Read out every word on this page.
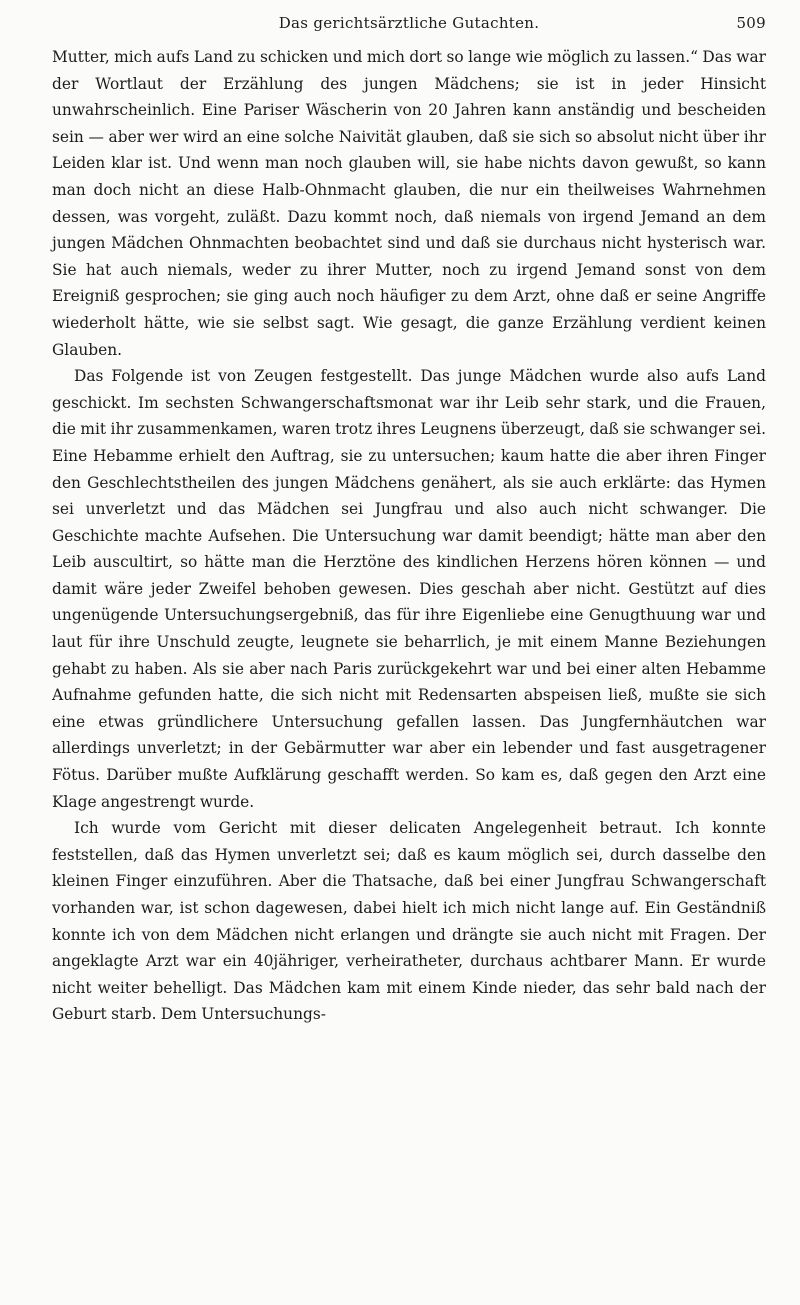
Das gerichtsärztliche Gutachten.	509

Mutter, mich aufs Land zu schicken und mich dort so lange wie möglich zu lassen.“ Das war der Wortlaut der Erzählung des jungen Mädchens; sie ist in jeder Hinsicht unwahrscheinlich. Eine Pariser Wäscherin von 20 Jahren kann anständig und bescheiden sein — aber wer wird an eine solche Naivität glauben, daß sie sich so absolut nicht über ihr Leiden klar ist. Und wenn man noch glauben will, sie habe nichts davon gewußt, so kann man doch nicht an diese Halb-Ohnmacht glauben, die nur ein theilweises Wahrnehmen dessen, was vorgeht, zuläßt. Dazu kommt noch, daß niemals von irgend Jemand an dem jungen Mädchen Ohnmachten beobachtet sind und daß sie durchaus nicht hysterisch war. Sie hat auch niemals, weder zu ihrer Mutter, noch zu irgend Jemand sonst von dem Ereigniß gesprochen; sie ging auch noch häufiger zu dem Arzt, ohne daß er seine Angriffe wiederholt hätte, wie sie selbst sagt. Wie gesagt, die ganze Erzählung verdient keinen Glauben.

Das Folgende ist von Zeugen festgestellt. Das junge Mädchen wurde also aufs Land geschickt. Im sechsten Schwangerschaftsmonat war ihr Leib sehr stark, und die Frauen, die mit ihr zusammenkamen, waren trotz ihres Leugnens überzeugt, daß sie schwanger sei. Eine Hebamme erhielt den Auftrag, sie zu untersuchen; kaum hatte die aber ihren Finger den Geschlechtstheilen des jungen Mädchens genähert, als sie auch erklärte: das Hymen sei unverletzt und das Mädchen sei Jungfrau und also auch nicht schwanger. Die Geschichte machte Aufsehen. Die Untersuchung war damit beendigt; hätte man aber den Leib auscultirt, so hätte man die Herztöne des kindlichen Herzens hören können — und damit wäre jeder Zweifel behoben gewesen. Dies geschah aber nicht. Gestützt auf dies ungenügende Untersuchungsergebniß, das für ihre Eigenliebe eine Genugthuung war und laut für ihre Unschuld zeugte, leugnete sie beharrlich, je mit einem Manne Beziehungen gehabt zu haben. Als sie aber nach Paris zurückgekehrt war und bei einer alten Hebamme Aufnahme gefunden hatte, die sich nicht mit Redensarten abspeisen ließ, mußte sie sich eine etwas gründlichere Untersuchung gefallen lassen. Das Jungfernhäutchen war allerdings unverletzt; in der Gebärmutter war aber ein lebender und fast ausgetragener Fötus. Darüber mußte Aufklärung geschafft werden. So kam es, daß gegen den Arzt eine Klage angestrengt wurde.

Ich wurde vom Gericht mit dieser delicaten Angelegenheit betraut. Ich konnte feststellen, daß das Hymen unverletzt sei; daß es kaum möglich sei, durch dasselbe den kleinen Finger einzuführen. Aber die Thatsache, daß bei einer Jungfrau Schwangerschaft vorhanden war, ist schon dagewesen, dabei hielt ich mich nicht lange auf. Ein Geständniß konnte ich von dem Mädchen nicht erlangen und drängte sie auch nicht mit Fragen. Der angeklagte Arzt war ein 40jähriger, verheiratheter, durchaus achtbarer Mann. Er wurde nicht weiter behelligt. Das Mädchen kam mit einem Kinde nieder, das sehr bald nach der Geburt starb. Dem Untersuchungs-
